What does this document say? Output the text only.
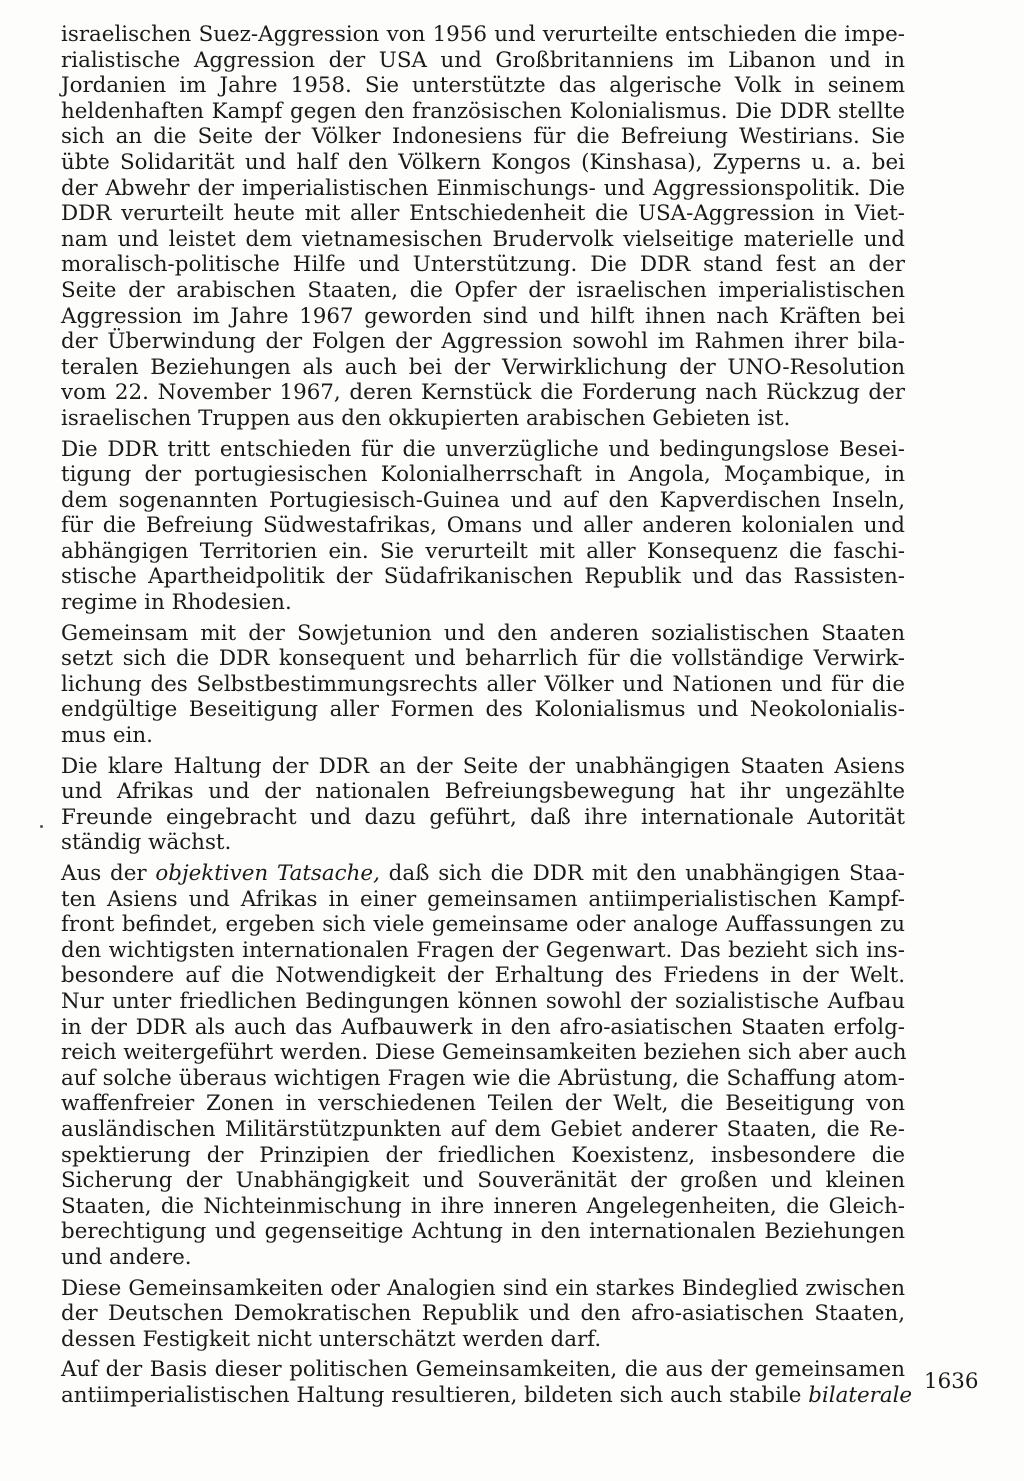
israelischen Suez-Aggression von 1956 und verurteilte entschieden die impe-
rialistische Aggression der USA und Großbritanniens im Libanon und in
Jordanien im Jahre 1958. Sie unterstützte das algerische Volk in seinem
heldenhaften Kampf gegen den französischen Kolonialismus. Die DDR stellte
sich an die Seite der Völker Indonesiens für die Befreiung Westirians. Sie
übte Solidarität und half den Völkern Kongos (Kinshasa), Zyperns u. a. bei
der Abwehr der imperialistischen Einmischungs- und Aggressionspolitik. Die
DDR verurteilt heute mit aller Entschiedenheit die USA-Aggression in Viet-
nam und leistet dem vietnamesischen Brudervolk vielseitige materielle und
moralisch-politische Hilfe und Unterstützung. Die DDR stand fest an der
Seite der arabischen Staaten, die Opfer der israelischen imperialistischen
Aggression im Jahre 1967 geworden sind und hilft ihnen nach Kräften bei
der Überwindung der Folgen der Aggression sowohl im Rahmen ihrer bila-
teralen Beziehungen als auch bei der Verwirklichung der UNO-Resolution
vom 22. November 1967, deren Kernstück die Forderung nach Rückzug der
israelischen Truppen aus den okkupierten arabischen Gebieten ist.
Die DDR tritt entschieden für die unverzügliche und bedingungslose Besei-
tigung der portugiesischen Kolonialherrschaft in Angola, Moçambique, in
dem sogenannten Portugiesisch-Guinea und auf den Kapverdischen Inseln,
für die Befreiung Südwestafrikas, Omans und aller anderen kolonialen und
abhängigen Territorien ein. Sie verurteilt mit aller Konsequenz die faschi-
stische Apartheidpolitik der Südafrikanischen Republik und das Rassisten-
regime in Rhodesien.
Gemeinsam mit der Sowjetunion und den anderen sozialistischen Staaten
setzt sich die DDR konsequent und beharrlich für die vollständige Verwirk-
lichung des Selbstbestimmungsrechts aller Völker und Nationen und für die
endgültige Beseitigung aller Formen des Kolonialismus und Neokolonialis-
mus ein.
Die klare Haltung der DDR an der Seite der unabhängigen Staaten Asiens
und Afrikas und der nationalen Befreiungsbewegung hat ihr ungezählte
Freunde eingebracht und dazu geführt, daß ihre internationale Autorität
ständig wächst.
Aus der objektiven Tatsache, daß sich die DDR mit den unabhängigen Staa-
ten Asiens und Afrikas in einer gemeinsamen antiimperialistischen Kampf-
front befindet, ergeben sich viele gemeinsame oder analoge Auffassungen zu
den wichtigsten internationalen Fragen der Gegenwart. Das bezieht sich ins-
besondere auf die Notwendigkeit der Erhaltung des Friedens in der Welt.
Nur unter friedlichen Bedingungen können sowohl der sozialistische Aufbau
in der DDR als auch das Aufbauwerk in den afro-asiatischen Staaten erfolg-
reich weitergeführt werden. Diese Gemeinsamkeiten beziehen sich aber auch
auf solche überaus wichtigen Fragen wie die Abrüstung, die Schaffung atom-
waffenfreier Zonen in verschiedenen Teilen der Welt, die Beseitigung von
ausländischen Militärstützpunkten auf dem Gebiet anderer Staaten, die Re-
spektierung der Prinzipien der friedlichen Koexistenz, insbesondere die
Sicherung der Unabhängigkeit und Souveränität der großen und kleinen
Staaten, die Nichteinmischung in ihre inneren Angelegenheiten, die Gleich-
berechtigung und gegenseitige Achtung in den internationalen Beziehungen
und andere.
Diese Gemeinsamkeiten oder Analogien sind ein starkes Bindeglied zwischen
der Deutschen Demokratischen Republik und den afro-asiatischen Staaten,
dessen Festigkeit nicht unterschätzt werden darf.
Auf der Basis dieser politischen Gemeinsamkeiten, die aus der gemeinsamen
antiimperialistischen Haltung resultieren, bildeten sich auch stabile bilaterale
1636
